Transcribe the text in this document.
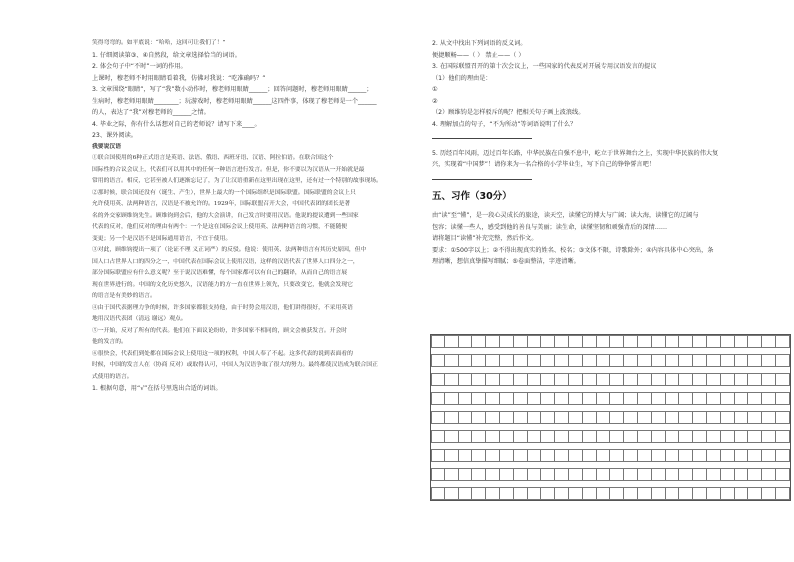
笑得弯弯的。如平底说：“哈哈，这回可让我们了！”
1. 仔细阅读第③、④自然段，给文章选择恰当的词语。
2. 体会句子中“不时”一词的作用。
上课时，穆老师不时用眼睛看着我，仿佛对我说：“吃准确吗？”
3. 文章围绕“眼睛”，写了“我”数小动作时，穆老师用眼睛______；回答问题时，穆老师用眼睛______；
生病时，穆老师用眼睛________；玩游戏时，穆老师用眼睛______这四件事，体现了穆老师是一个______
的人，表达了“我”对穆老师的______之情。
4. 毕业之际，你有什么话想对自己的老师说？请写下来____。
23、课外阅读。
我要说汉语
①联合国使用的6种正式语言是英语、法语、俄语、西班牙语、汉语、阿拉伯语。在联合国这个
国际性的合议会议上，代表们可以用其中的任何一种语言进行发言。但是，你不要以为汉语从一开始就是最
常用的语言。相反，它甚至被人们逐渐忘记了，为了让汉语重新在这里出现在这里，还有过一个特别的故事现场。
②那时候，联合国还没有（诞生、产生），世界上最大的一个国际组织是国际联盟。国际联盟的会议上只
允许使用英、法两种语言，汉语是不被允许的。1929年，国际联盟召开大会，中国代表团的团长是著
名的外交家顾维钧先生。顾维钧到会后，他的大会演讲，自己发言时要用汉语。他说的提议遭到一些国家
代表的反对，他们反对的理由有两个：一个是这在国际会议上使用英、法两种语言的习惯，不能随便
变更；另一个是汉语不是国际通用语言，不宜于使用。
③对此，顾维钧提出一项了（论证不理 义正词严）的反驳。他说：使用英、法两种语言有其历史原因，但中
国人口占世界人口的四分之一，中国代表在国际会议上使用汉语，这样的汉语代表了世界人口四分之一，
部分国际联盟应有什么意义呢？至于说汉语难懂，每个国家都可以有自己的翻译，从而自己的语言展
现在世界进行的。中国的文化历史悠久，汉语能力的方一直在世界上领先，只要改变它，他就会发现它
的语言是有美妙的语言。
④由于国代表据理力争的时候，许多国家都很支持他，由于时势会用汉语，他们讲得很好，不采用英语
地用汉语代表团（清远 谢远）观点。
⑤一开始，反对了所有的代表。他们在下面议论纷纷，许多国家不相同的，顾文会被获发言。开会时
他的发言的。
⑥很快会，代表们到处都在国际会议上使用这一项的权利，中国人奉了不起。这多代表的说到表面看的
时候，中国的发言人在（协商 反对）或取得认可，中国人为汉语争取了很大的努力。最终都使汉语成为联合国正
式使用的语言。
1. 根据句意，用“√”在括号里选出合适的词语。
2. 从文中找出下列词语的反义词。
便捷顺畅——（ ） 禁止——（ ）
3. 在国际联盟召开的第十次会议上，一些国家的代表反对开展专用汉语发言的提议
（1）他们的理由是：
①
②
（2）顾维钧是怎样驳斥的呢？把相关句子画上波浪线。
4. 理解加点的句子，“不为所动”等词语说明了什么？
5. 历经百年风雨，迈过百年长路，中华民族在自强不息中，屹立于世界舞台之上，实现中华民族的伟大复
兴，实现着“中国梦”！请你来为一名合格的小学毕业生，写下自己的铮铮誓言吧！
五、习作（30分）
由“读”至“懂”，是一段心灵成长的旅途，读天空，读懂它的博大与广阔；读大海，读懂它的辽阔与
包容；读懂一些人，感受到他的善良与美丽；读生命，读懂坚韧和顽强背后的深情……
请将题目“读懂”补充完整，然后作文。
要求：①500字以上；②不得出现真实的姓名、校名；③文体不限，诗歌除外；④内容具体中心突出，条
理清晰，想信真挚描写细腻；⑤卷面整洁，字迹清晰。
